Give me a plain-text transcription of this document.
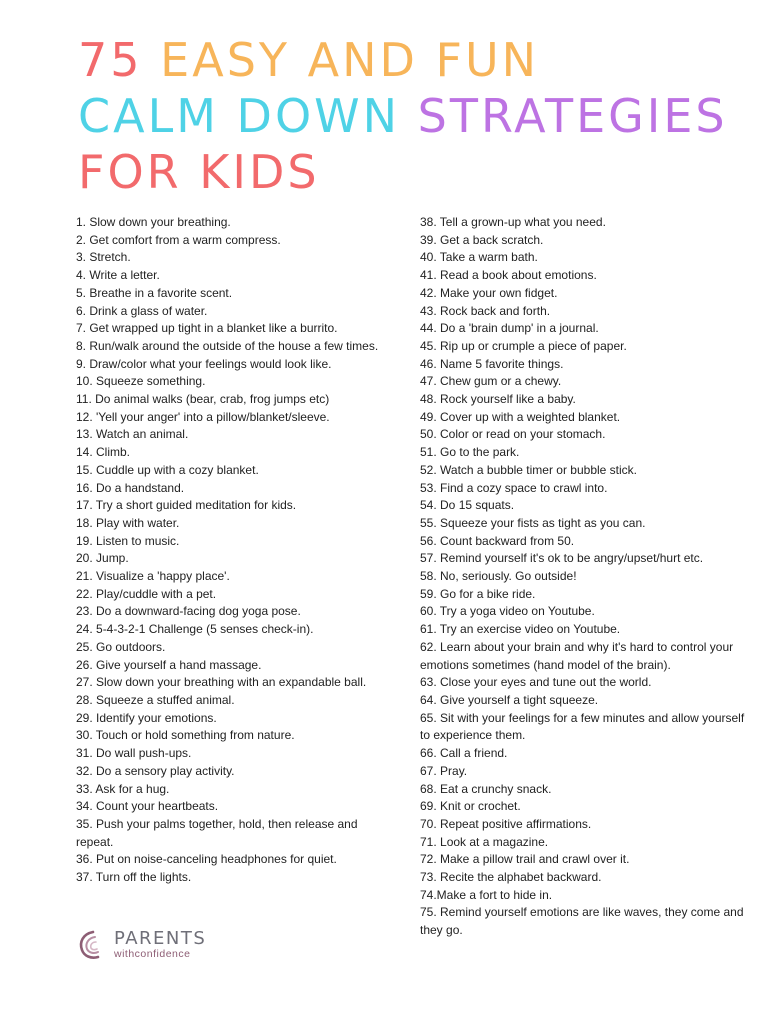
75 EASY AND FUN
CALM DOWN STRATEGIES
FOR KIDS
1. Slow down your breathing.
2. Get comfort from a warm compress.
3. Stretch.
4. Write a letter.
5. Breathe in a favorite scent.
6. Drink a glass of water.
7. Get wrapped up tight in a blanket like a burrito.
8. Run/walk around the outside of the house a few times.
9. Draw/color what your feelings would look like.
10. Squeeze something.
11. Do animal walks (bear, crab, frog jumps etc)
12. 'Yell your anger' into a pillow/blanket/sleeve.
13. Watch an animal.
14. Climb.
15. Cuddle up with a cozy blanket.
16. Do a handstand.
17. Try a short guided meditation for kids.
18. Play with water.
19. Listen to music.
20. Jump.
21. Visualize a 'happy place'.
22. Play/cuddle with a pet.
23. Do a downward-facing dog yoga pose.
24. 5-4-3-2-1 Challenge (5 senses check-in).
25. Go outdoors.
26. Give yourself a hand massage.
27. Slow down your breathing with an expandable ball.
28. Squeeze a stuffed animal.
29. Identify your emotions.
30. Touch or hold something from nature.
31. Do wall push-ups.
32. Do a sensory play activity.
33. Ask for a hug.
34. Count your heartbeats.
35. Push your palms together, hold, then release and repeat.
36. Put on noise-canceling headphones for quiet.
37. Turn off the lights.
38. Tell a grown-up what you need.
39. Get a back scratch.
40. Take a warm bath.
41. Read a book about emotions.
42. Make your own fidget.
43. Rock back and forth.
44. Do a 'brain dump' in a journal.
45. Rip up or crumple a piece of paper.
46. Name 5 favorite things.
47. Chew gum or a chewy.
48. Rock yourself like a baby.
49. Cover up with a weighted blanket.
50. Color or read on your stomach.
51. Go to the park.
52. Watch a bubble timer or bubble stick.
53. Find a cozy space to crawl into.
54. Do 15 squats.
55. Squeeze your fists as tight as you can.
56. Count backward from 50.
57. Remind yourself it's ok to be angry/upset/hurt etc.
58. No, seriously. Go outside!
59. Go for a bike ride.
60. Try a yoga video on Youtube.
61. Try an exercise video on Youtube.
62. Learn about your brain and why it's hard to control your emotions sometimes (hand model of the brain).
63. Close your eyes and tune out the world.
64. Give yourself a tight squeeze.
65. Sit with your feelings for a few minutes and allow yourself to experience them.
66. Call a friend.
67. Pray.
68. Eat a crunchy snack.
69. Knit or crochet.
70. Repeat positive affirmations.
71. Look at a magazine.
72. Make a pillow trail and crawl over it.
73. Recite the alphabet backward.
74.Make a fort to hide in.
75. Remind yourself emotions are like waves, they come and they go.
PARENTS
withconfidence
